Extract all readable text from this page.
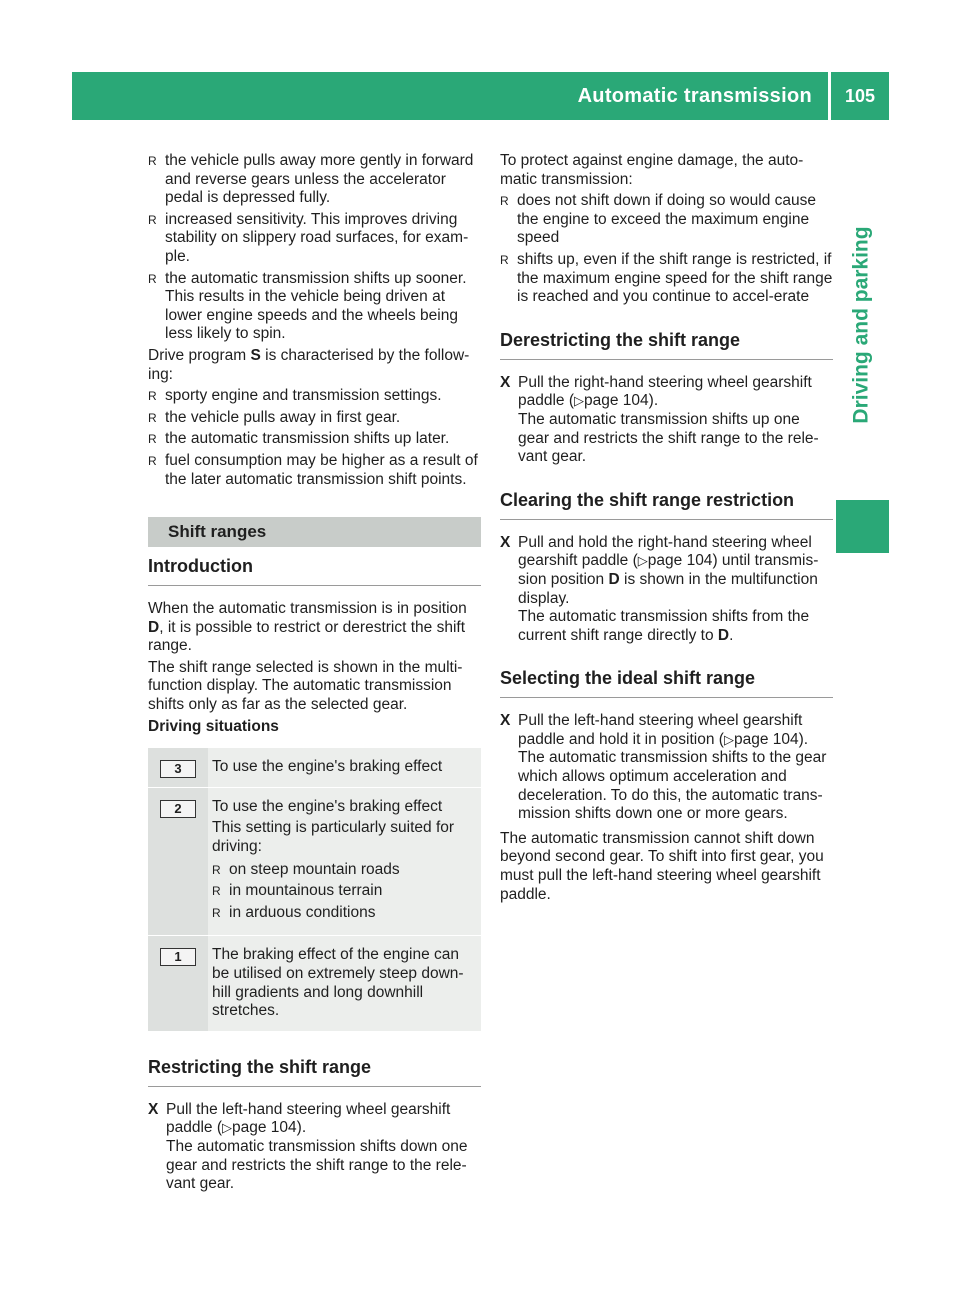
Automatic transmission	105
Driving and parking
R the vehicle pulls away more gently in forward and reverse gears unless the accelerator pedal is depressed fully.
R increased sensitivity. This improves driving stability on slippery road surfaces, for exam-ple.
R the automatic transmission shifts up sooner. This results in the vehicle being driven at lower engine speeds and the wheels being less likely to spin.

Drive program S is characterised by the follow-ing:

R sporty engine and transmission settings.
R the vehicle pulls away in first gear.
R the automatic transmission shifts up later.
R fuel consumption may be higher as a result of the later automatic transmission shift points.
Shift ranges
Introduction

When the automatic transmission is in position D, it is possible to restrict or derestrict the shift range.

The shift range selected is shown in the multi-function display. The automatic transmission shifts only as far as the selected gear.

Driving situations

3	To use the engine's braking effect

2	To use the engine's braking effect

This setting is particularly suited for driving:

R on steep mountain roads
R in mountainous terrain
R in arduous conditions
1	The braking effect of the engine can be utilised on extremely steep down-hill gradients and long downhill stretches.

Restricting the shift range
X Pull the left-hand steering wheel gearshift paddle (▷page 104).
The automatic transmission shifts down one gear and restricts the shift range to the rele-vant gear.

To protect against engine damage, the auto-matic transmission:

R does not shift down if doing so would cause the engine to exceed the maximum engine speed
R shifts up, even if the shift range is restricted, if the maximum engine speed for the shift range is reached and you continue to accel-erate
Derestricting the shift range
X Pull the right-hand steering wheel gearshift paddle (▷page 104).
The automatic transmission shifts up one gear and restricts the shift range to the rele-vant gear.
Clearing the shift range restriction
X Pull and hold the right-hand steering wheel gearshift paddle (▷page 104) until transmis-sion position D is shown in the multifunction display.
The automatic transmission shifts from the current shift range directly to D.
Selecting the ideal shift range
X Pull the left-hand steering wheel gearshift paddle and hold it in position (▷page 104).
The automatic transmission shifts to the gear which allows optimum acceleration and deceleration. To do this, the automatic trans-mission shifts down one or more gears.

The automatic transmission cannot shift down beyond second gear. To shift into first gear, you must pull the left-hand steering wheel gearshift paddle.
